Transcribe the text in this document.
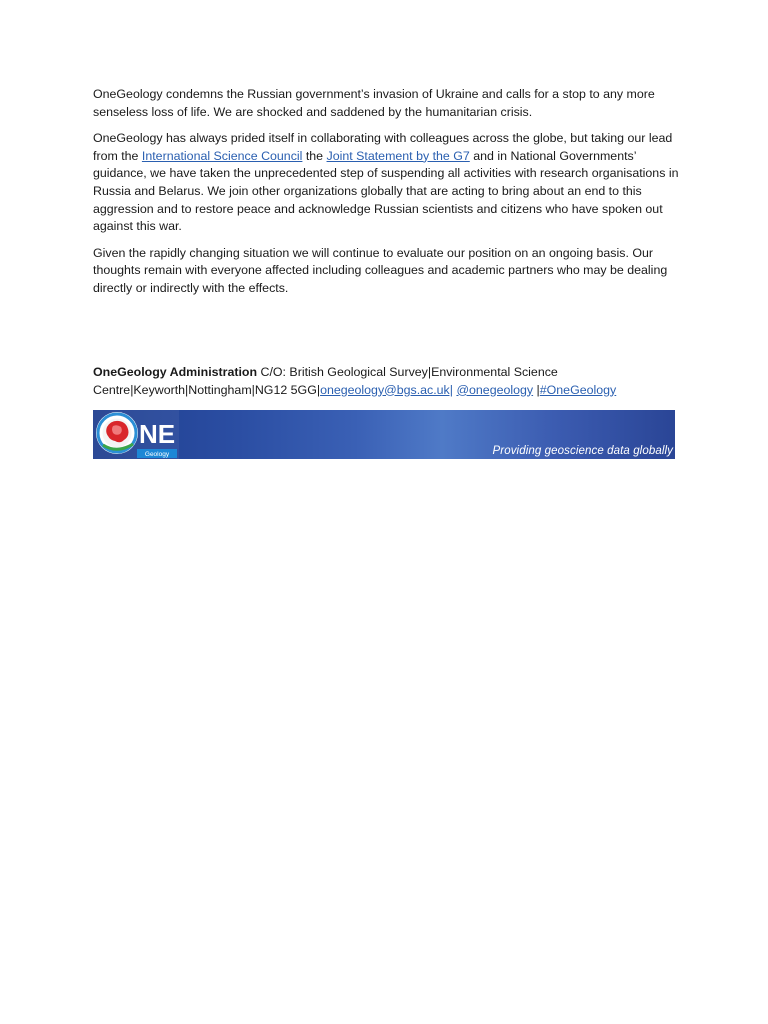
OneGeology condemns the Russian government’s invasion of Ukraine and calls for a stop to any more senseless loss of life. We are shocked and saddened by the humanitarian crisis.

OneGeology has always prided itself in collaborating with colleagues across the globe, but taking our lead from the International Science Council the Joint Statement by the G7 and in National Governments’ guidance, we have taken the unprecedented step of suspending all activities with research organisations in Russia and Belarus. We join other organizations globally that are acting to bring about an end to this aggression and to restore peace and acknowledge Russian scientists and citizens who have spoken out against this war.

Given the rapidly changing situation we will continue to evaluate our position on an ongoing basis. Our thoughts remain with everyone affected including colleagues and academic partners who may be dealing directly or indirectly with the effects.

OneGeology Administration C/O: British Geological Survey|Environmental Science Centre|Keyworth|Nottingham|NG12 5GG|onegeology@bgs.ac.uk| @onegeology |#OneGeology
NE
Geology	Providing geoscience data globally
